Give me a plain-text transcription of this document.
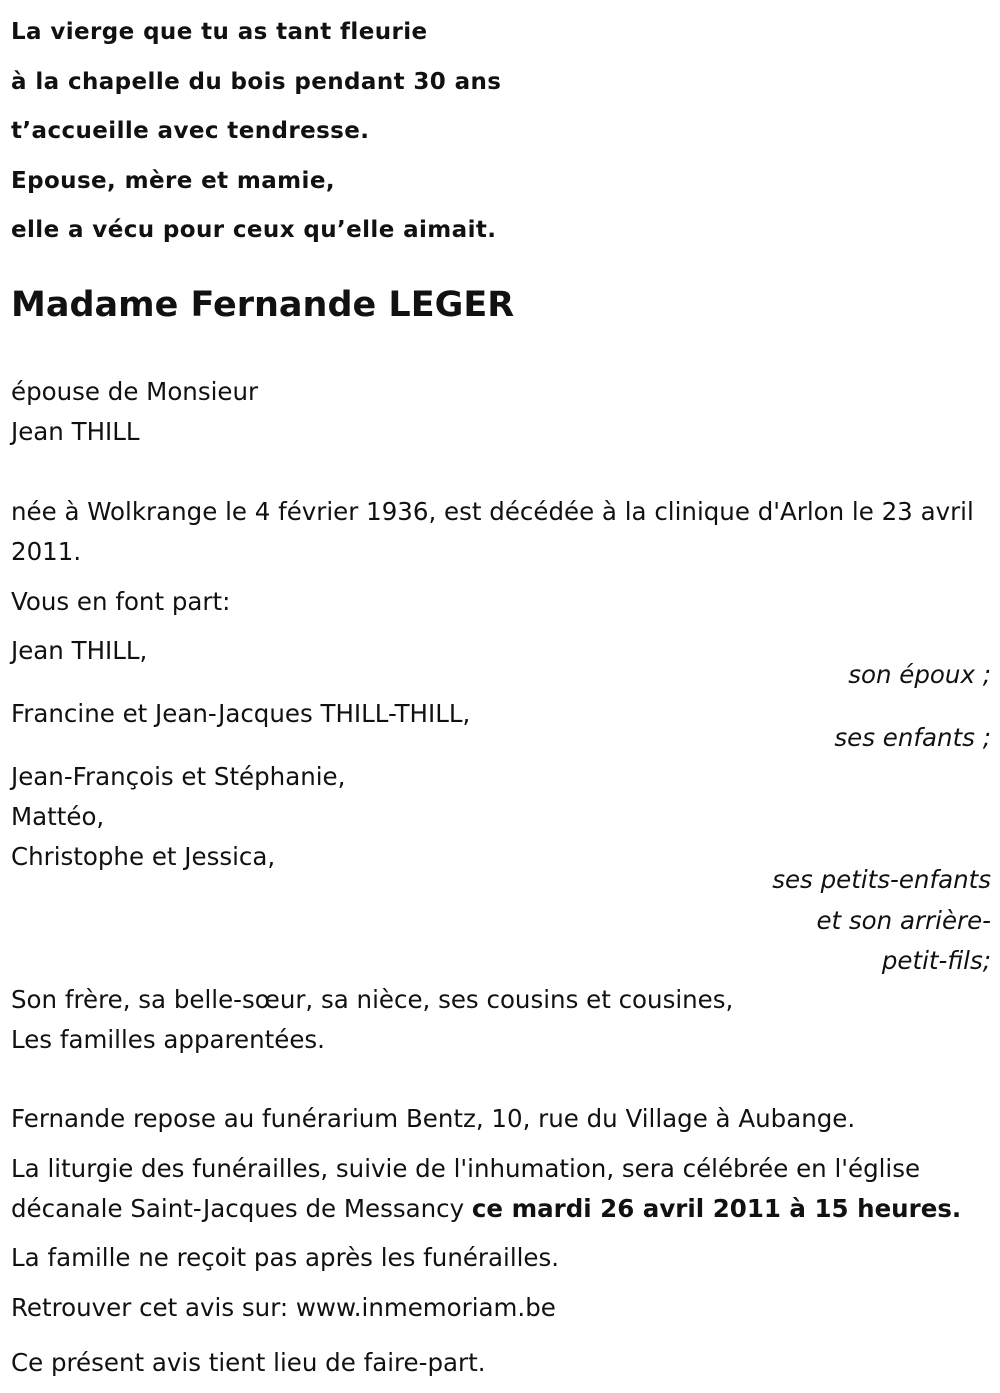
La vierge que tu as tant fleurie
à la chapelle du bois pendant 30 ans
t’accueille avec tendresse.
Epouse, mère et mamie,
elle a vécu pour ceux qu’elle aimait.
Madame Fernande LEGER

épouse de Monsieur

Jean THILL

née à Wolkrange le 4 février 1936, est décédée à la clinique d'Arlon le 23 avril 2011.

Vous en font part:

Jean THILL,

son époux ;

Francine et Jean-Jacques THILL-THILL,

ses enfants ;

Jean-François et Stéphanie,

Mattéo,

Christophe et Jessica,

ses petits-enfants

et son arrière-

petit-fils;

Son frère, sa belle-sœur, sa nièce, ses cousins et cousines,

Les familles apparentées.

Fernande repose au funérarium Bentz, 10, rue du Village à Aubange.

La liturgie des funérailles, suivie de l'inhumation, sera célébrée en l'église décanale Saint-Jacques de Messancy ce mardi 26 avril 2011 à 15 heures.

La famille ne reçoit pas après les funérailles.

Retrouver cet avis sur: www.inmemoriam.be

Ce présent avis tient lieu de faire-part.
